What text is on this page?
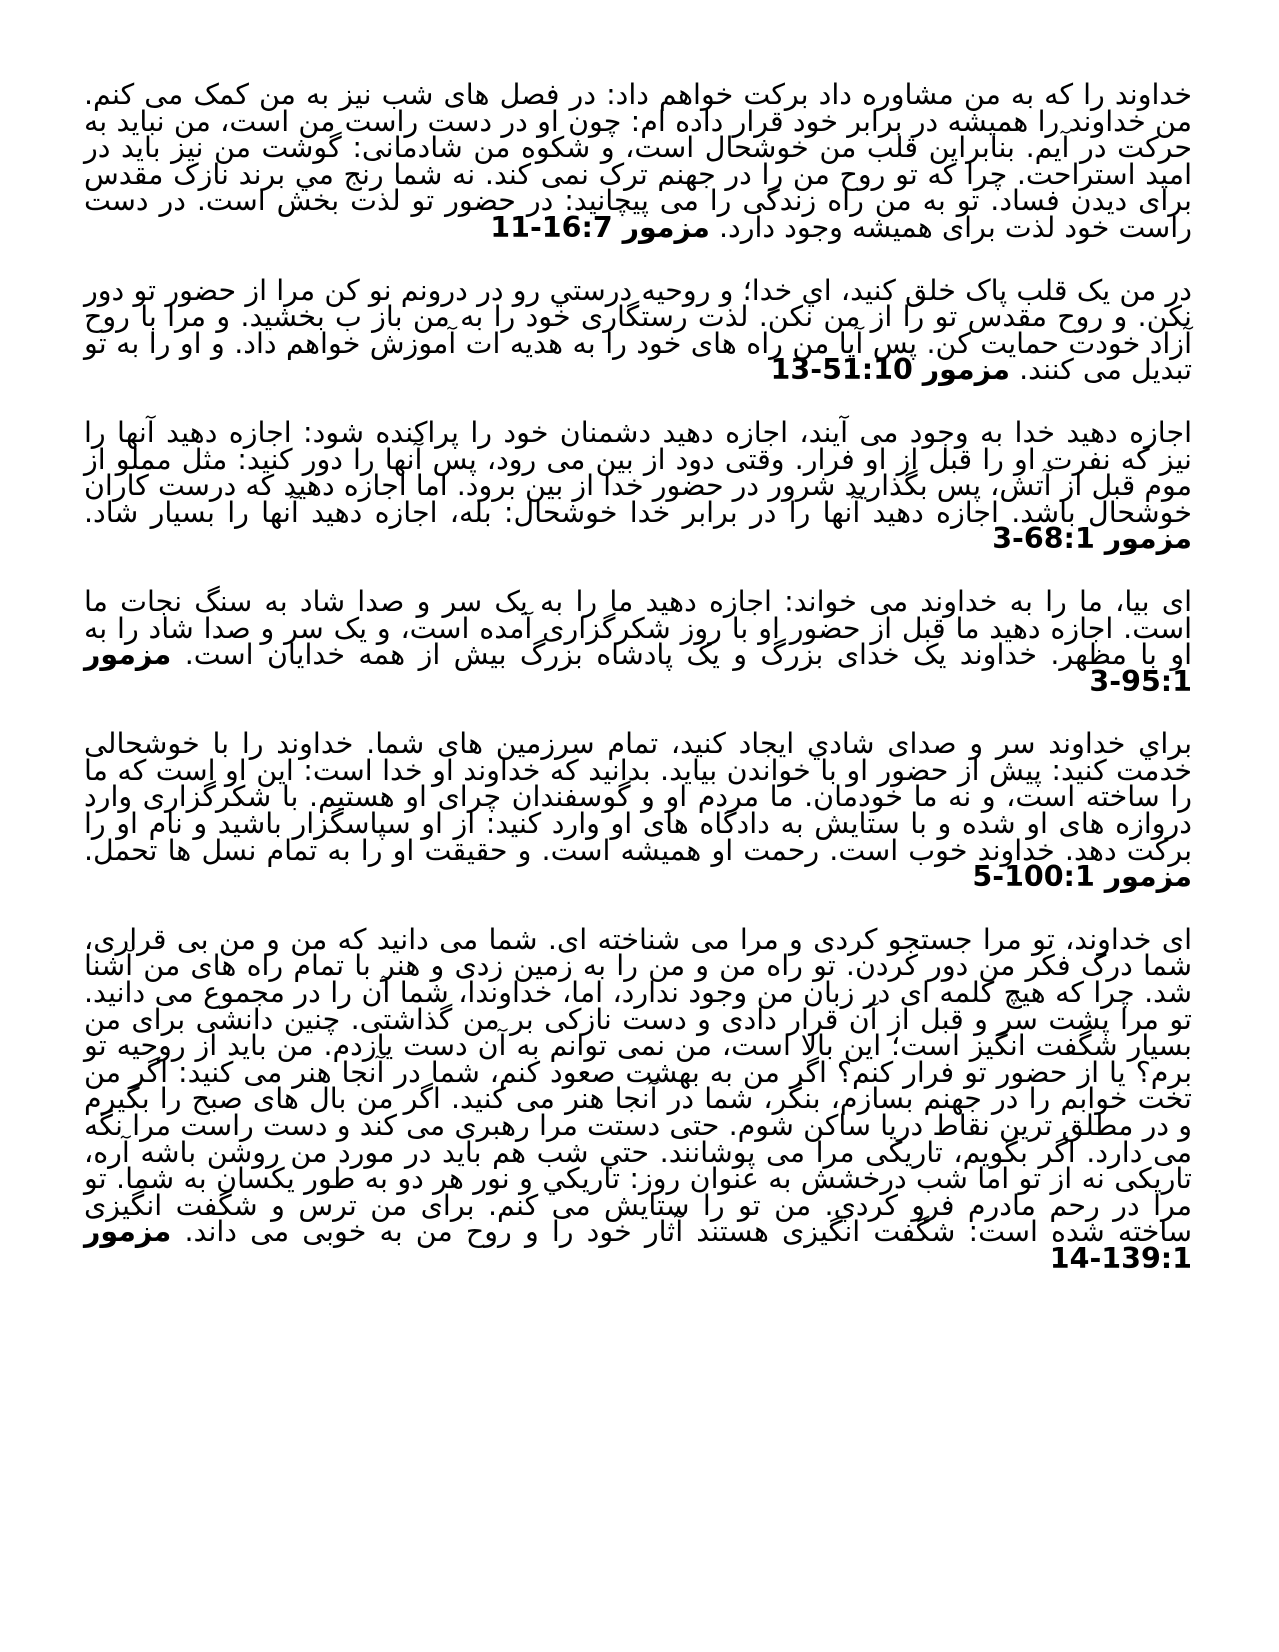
خداوند را که به من مشاوره داد برکت خواهم داد: در فصل های شب نیز به من کمک می کنم. من خداوند را همیشه در برابر خود قرار داده ام: چون او در دست راست من است، من نباید به حرکت در آیم. بنابراین قلب من خوشحال است، و شکوه من شادمانی: گوشت من نیز باید در امید استراحت. چرا که تو روح من را در جهنم ترک نمی کند. نه شما رنج مي برند نازک مقدس برای دیدن فساد. تو به من راه زندگی را می پیچانید: در حضور تو لذت بخش است. در دست راست خود لذت برای همیشه وجود دارد. مزمور 16:7-11

در من یک قلب پاک خلق کنید، اي خدا؛ و روحيه درستي رو در درونم نو کن مرا از حضور تو دور نکن. و روح مقدس تو را از من نکن. لذت رستگاری خود را به من باز ب بخشید. و مرا با روح آزاد خودت حمایت کن. پس آیا من راه های خود را به هدیه ات آموزش خواهم داد. و او را به تو تبدیل می کنند. مزمور 51:10-13

اجازه دهید خدا به وجود می آیند، اجازه دهید دشمنان خود را پراکنده شود: اجازه دهید آنها را نیز که نفرت او را قبل از او فرار. وقتی دود از بین می رود، پس آنها را دور کنید: مثل مملو از موم قبل از آتش، پس بگذارید شرور در حضور خدا از بین برود. اما اجازه دهید که درست کاران خوشحال باشد. اجازه دهید آنها را در برابر خدا خوشحال: بله، اجازه دهید آنها را بسیار شاد. مزمور 68:1-3

ای بیا، ما را به خداوند می خواند: اجازه دهید ما را به یک سر و صدا شاد به سنگ نجات ما است. اجازه دهید ما قبل از حضور او با روز شکرگزاری آمده است، و یک سر و صدا شاد را به او با مظهر. خداوند یک خدای بزرگ و یک پادشاه بزرگ بیش از همه خدایان است. مزمور 95:1-3

براي خداوند سر و صدای شادي ایجاد کنید، تمام سرزمین های شما. خداوند را با خوشحالی خدمت کنید: پیش از حضور او با خواندن بیاید. بدانید که خداوند او خدا است: این او است که ما را ساخته است، و نه ما خودمان. ما مردم او و گوسفندان چرای او هستیم. با شکرگزاری وارد دروازه های او شده و با ستایش به دادگاه های او وارد کنید: از او سپاسگزار باشید و نام او را برکت دهد. خداوند خوب است. رحمت او همیشه است. و حقیقت او را به تمام نسل ها تحمل. مزمور 100:1-5

ای خداوند، تو مرا جستجو کردی و مرا می شناخته ای. شما می دانید که من و من بی قراری، شما درک فکر من دور کردن. تو راه من و من را به زمین زدی و هنر با تمام راه های من آشنا شد. چرا که هیچ کلمه ای در زبان من وجود ندارد، اما، خداوندا، شما آن را در مجموع می دانید. تو مرا پشت سر و قبل از آن قرار دادی و دست نازکی بر من گذاشتی. چنین دانشی برای من بسیار شگفت انگیز است؛ این بالا است، من نمی توانم به آن دست یازدم. من باید از روحیه تو برم؟ یا از حضور تو فرار کنم؟ اگر من به بهشت صعود کنم، شما در آنجا هنر می کنید: اگر من تخت خوابم را در جهنم بسازم، بنگر، شما در آنجا هنر می کنید. اگر من بال های صبح را بگیرم و در مطلق ترین نقاط دریا ساکن شوم. حتی دستت مرا رهبری می کند و دست راست مرا نگه می دارد. اگر بگویم، تاریکی مرا می پوشانند. حتي شب هم باید در مورد من روشن باشه آره، تاریکی نه از تو اما شب درخشش به عنوان روز: تاریکي و نور هر دو به طور یکسان به شما. تو مرا در رحم مادرم فرو کردي. من تو را ستایش می کنم. برای من ترس و شگفت انگیزی ساخته شده است: شگفت انگیزی هستند آثار خود را و روح من به خوبی می داند. مزمور 139:1-14
